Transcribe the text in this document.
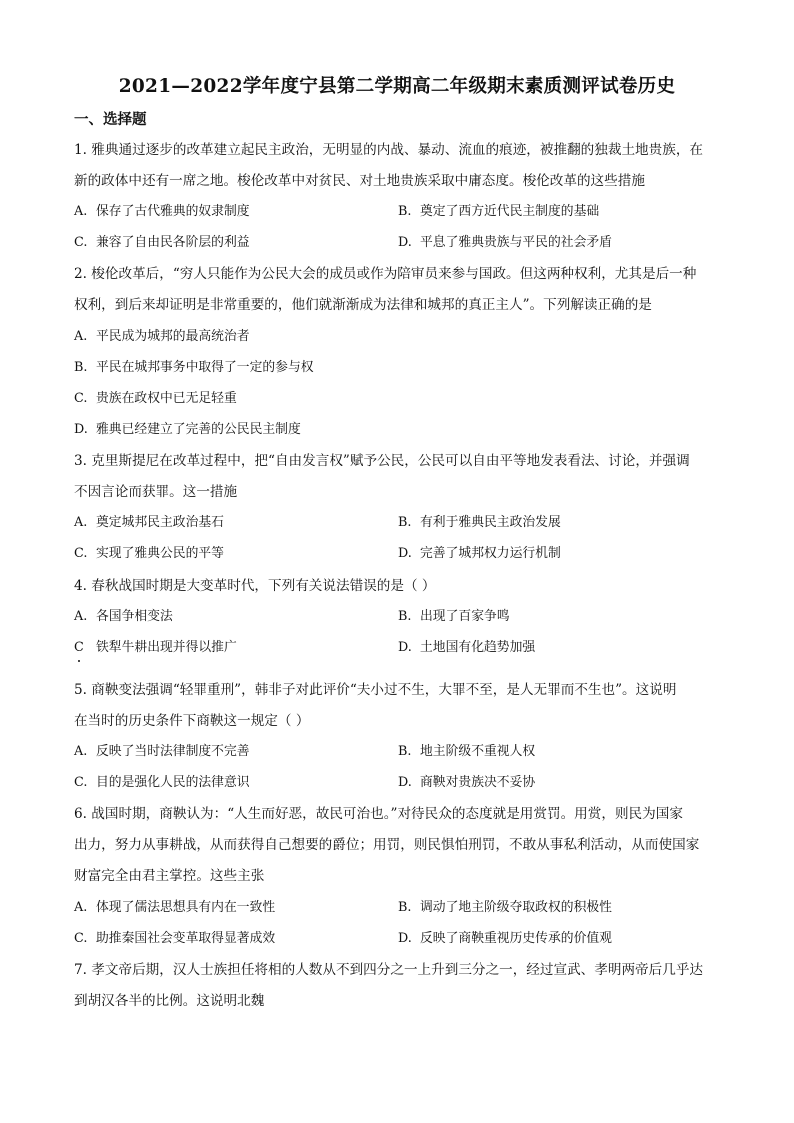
2021—2022学年度宁县第二学期高二年级期末素质测评试卷历史
一、选择题
1. 雅典通过逐步的改革建立起民主政治，无明显的内战、暴动、流血的痕迹，被推翻的独裁土地贵族，在
新的政体中还有一席之地。梭伦改革中对贫民、对土地贵族采取中庸态度。梭伦改革的这些措施
A. 保存了古代雅典的奴隶制度	B. 奠定了西方近代民主制度的基础
C. 兼容了自由民各阶层的利益	D. 平息了雅典贵族与平民的社会矛盾
2. 梭伦改革后，“穷人只能作为公民大会的成员或作为陪审员来参与国政。但这两种权利，尤其是后一种
权利，到后来却证明是非常重要的，他们就渐渐成为法律和城邦的真正主人”。下列解读正确的是
A. 平民成为城邦的最高统治者
B. 平民在城邦事务中取得了一定的参与权
C. 贵族在政权中已无足轻重
D. 雅典已经建立了完善的公民民主制度
3. 克里斯提尼在改革过程中，把“自由发言权”赋予公民，公民可以自由平等地发表看法、讨论，并强调
不因言论而获罪。这一措施
A. 奠定城邦民主政治基石	B. 有利于雅典民主政治发展
C. 实现了雅典公民的平等	D. 完善了城邦权力运行机制
4. 春秋战国时期是大变革时代，下列有关说法错误的是（ ）
A. 各国争相变法	B. 出现了百家争鸣
C 铁犁牛耕出现并得以推广	D. 土地国有化趋势加强
5. 商鞅变法强调“轻罪重刑”，韩非子对此评价“夫小过不生，大罪不至，是人无罪而不生也”。这说明
在当时的历史条件下商鞅这一规定（ ）
A. 反映了当时法律制度不完善	B. 地主阶级不重视人权
C. 目的是强化人民的法律意识	D. 商鞅对贵族决不妥协
6. 战国时期，商鞅认为：“人生而好恶，故民可治也。”对待民众的态度就是用赏罚。用赏，则民为国家
出力，努力从事耕战，从而获得自己想要的爵位；用罚，则民惧怕刑罚，不敢从事私利活动，从而使国家
财富完全由君主掌控。这些主张
A. 体现了儒法思想具有内在一致性	B. 调动了地主阶级夺取政权的积极性
C. 助推秦国社会变革取得显著成效	D. 反映了商鞅重视历史传承的价值观
7. 孝文帝后期，汉人士族担任将相的人数从不到四分之一上升到三分之一，经过宣武、孝明两帝后几乎达
到胡汉各半的比例。这说明北魏
